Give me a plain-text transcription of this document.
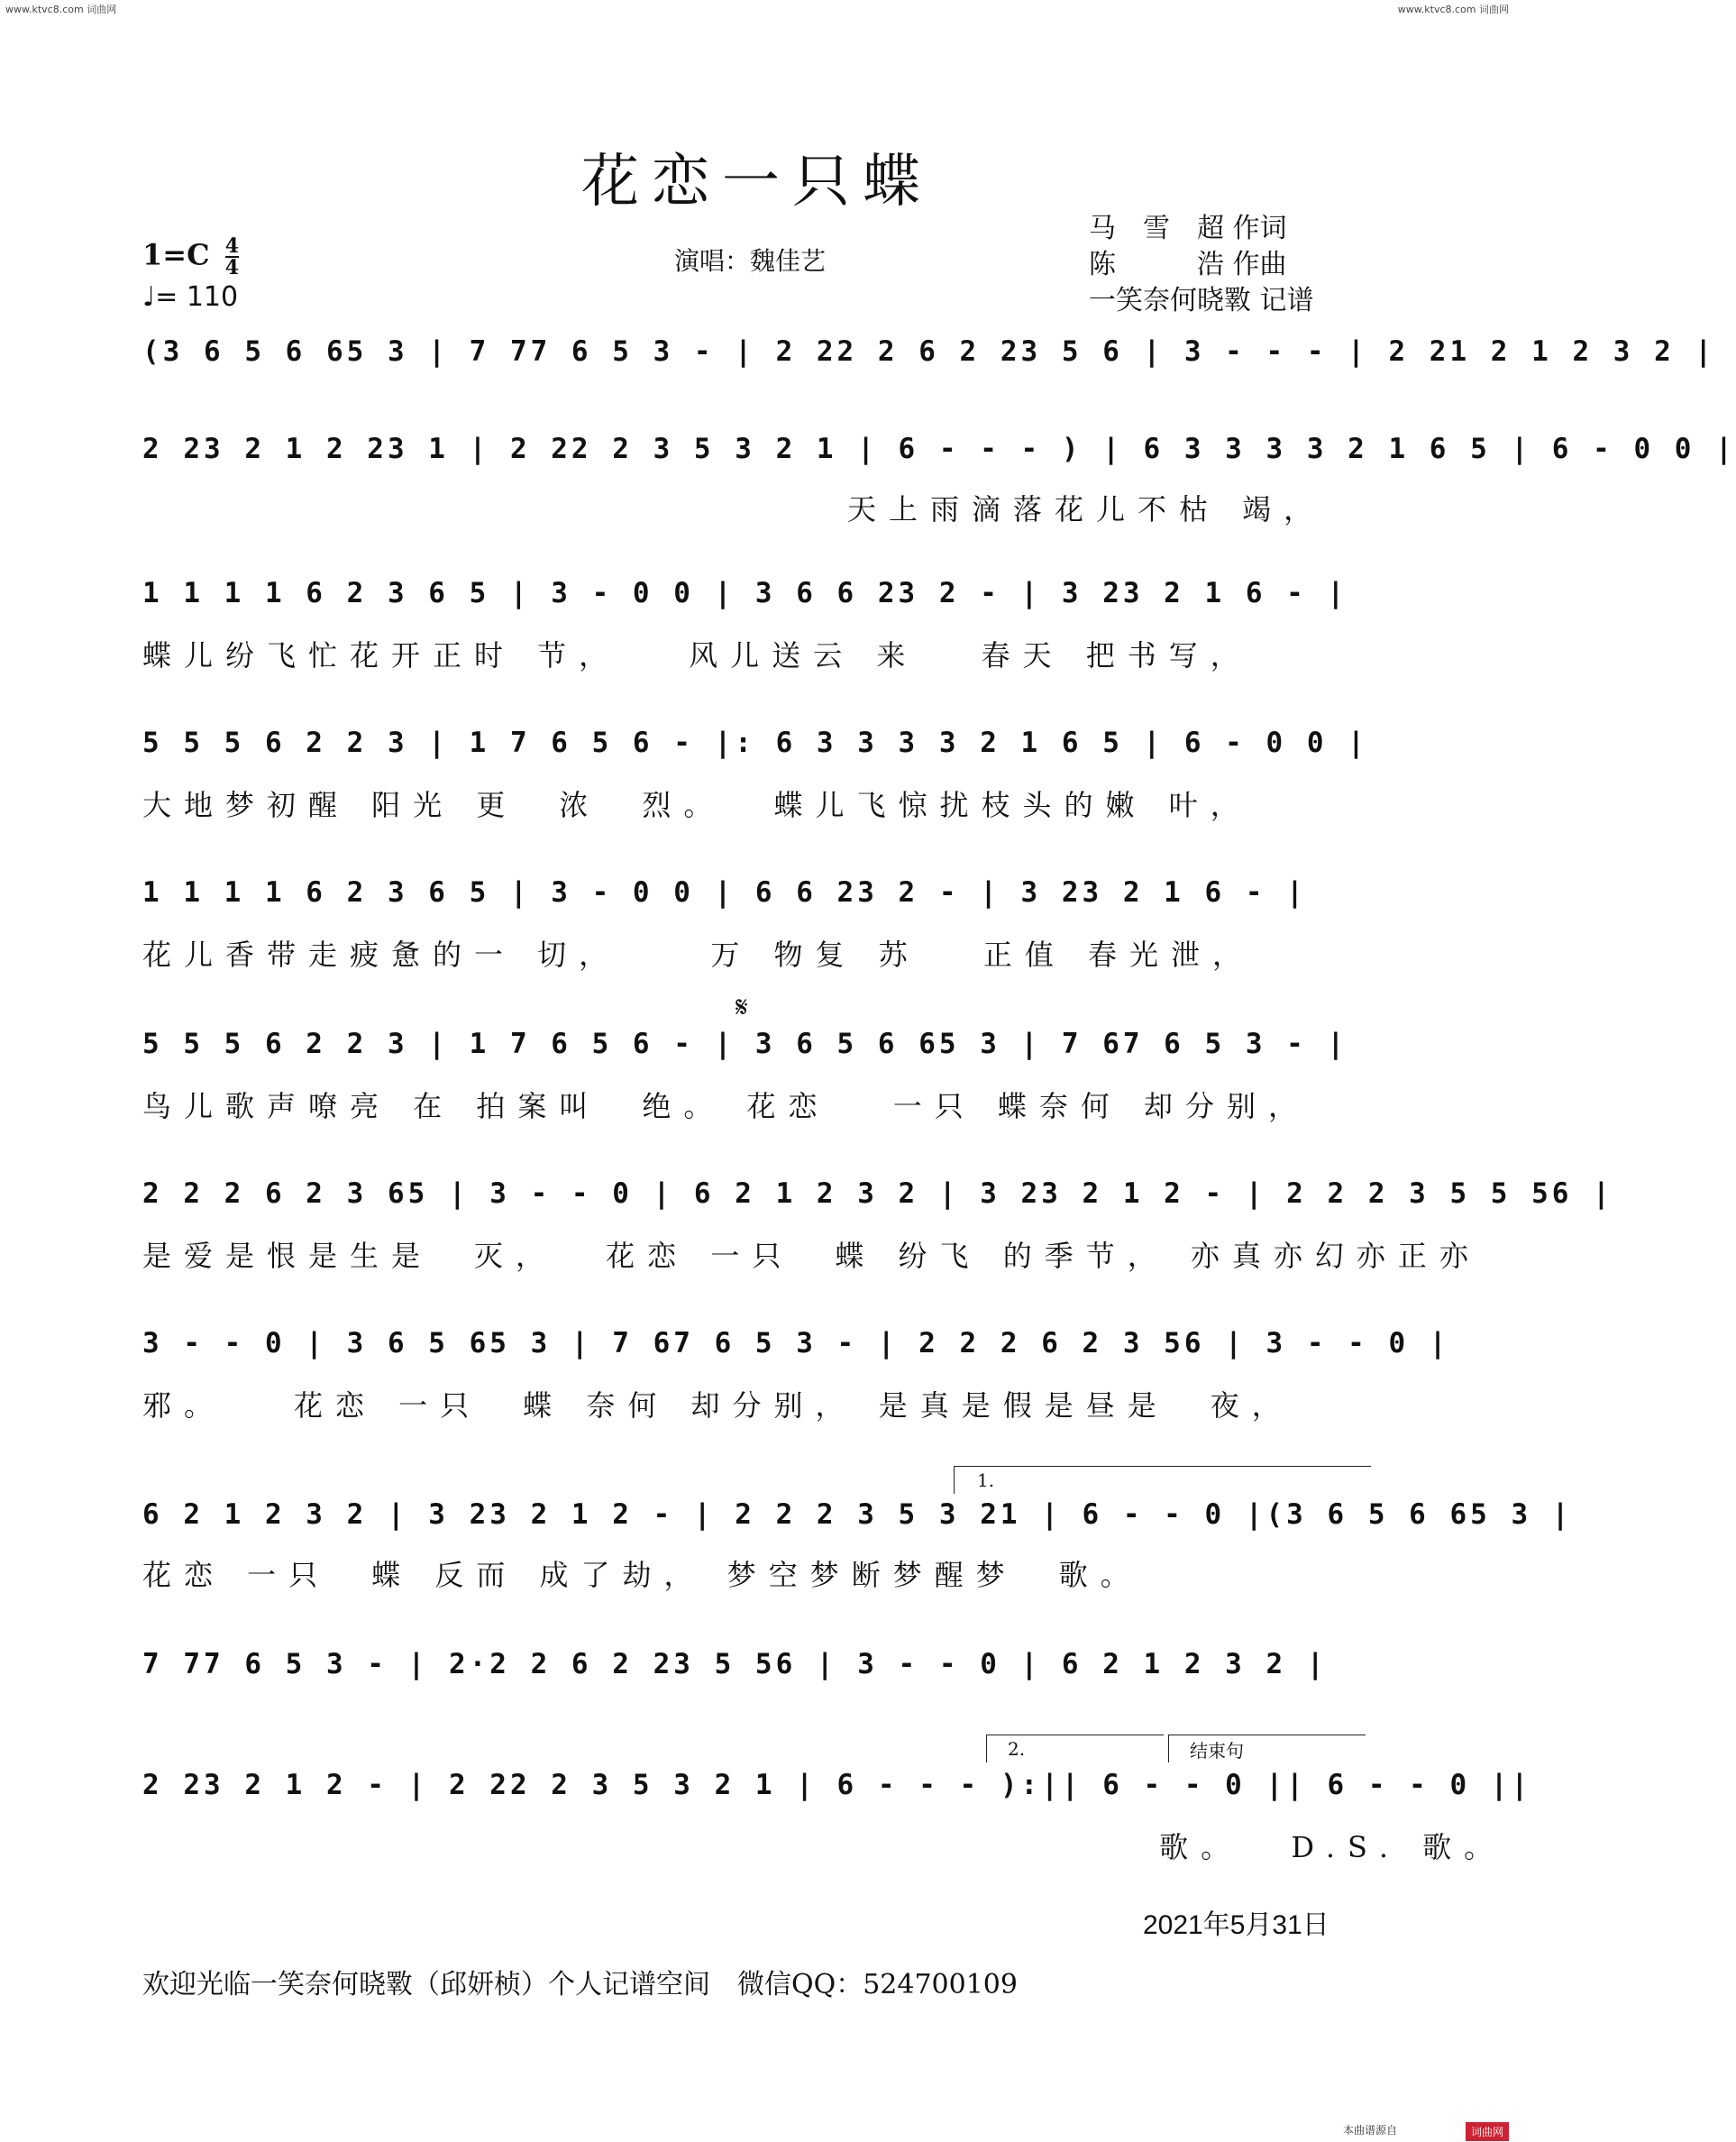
www.ktvc8.com 词曲网	www.ktvc8.com 词曲网
花恋一只蝶
马　雪　超 作词
陈　　　浩 作曲
一笑奈何晓斁 记谱
$1=C \frac{4}{4}$
♩= 110
演唱：魏佳艺
(3 6 5 6 65 3 | 7 77 6 5 3 - | 2 22 2 6 2 23 5 6 | 3 - - - | 2 21 2 1 2 3 2 |
2 23 2 1 2 23 1 | 2 22 2 3 5 3 2 1 | 6 - - - ) | 6 3 3 3 3 2 1 6 5 | 6 - 0 0 |
　　　　　　　　　　　　　　　　　天上雨滴落花儿不枯 竭，
1 1 1 1 6 2 3 6 5 | 3 - 0 0 | 3 6 6 23 2 - | 3 23 2 1 6 - |
蝶儿纷飞忙花开正时 节，　　风儿送云 来　 春天 把书写，
5 5 5 6 2 2 3 | 1 7 6 5 6 - |: 6 3 3 3 3 2 1 6 5 | 6 - 0 0 |
大地梦初醒 阳光 更　浓　烈。　 蝶儿飞惊扰枝头的嫩 叶，
1 1 1 1 6 2 3 6 5 | 3 - 0 0 | 6 6 23 2 - | 3 23 2 1 6 - |
花儿香带走疲惫的一 切，　　 万 物复 苏　 正值 春光泄，
𝄋
5 5 5 6 2 2 3 | 1 7 6 5 6 - | 3 6 5 6 65 3 | 7 67 6 5 3 - |
鸟儿歌声嘹亮 在 拍案叫　绝。 花恋　 一只 蝶奈何 却分别，
2 2 2 6 2 3 65 | 3 - - 0 | 6 2 1 2 3 2 | 3 23 2 1 2 - | 2 2 2 3 5 5 56 |
是爱是恨是生是　灭，　 花恋 一只　蝶 纷飞 的季节， 亦真亦幻亦正亦
3 - - 0 | 3 6 5 65 3 | 7 67 6 5 3 - | 2 2 2 6 2 3 56 | 3 - - 0 |
邪。　　花恋 一只　蝶 奈何 却分别， 是真是假是昼是　夜，
1.
6 2 1 2 3 2 | 3 23 2 1 2 - | 2 2 2 3 5 3 21 | 6 - - 0 |(3 6 5 6 65 3 |
花恋 一只　蝶 反而 成了劫， 梦空梦断梦醒梦　歌。
7 77 6 5 3 - | 2·2 2 6 2 23 5 56 | 3 - - 0 | 6 2 1 2 3 2 |
2.	结束句
2 23 2 1 2 - | 2 22 2 3 5 3 2 1 | 6 - - - ):|| 6 - - 0 || 6 - - 0 ||
　　　　　　　　　　　　　　　　　　　　　　　　 歌。　 D.S. 歌。
2021年5月31日
欢迎光临一笑奈何晓斁（邱妍桢）个人记谱空间　微信QQ：524700109
本曲谱源自	词曲网
